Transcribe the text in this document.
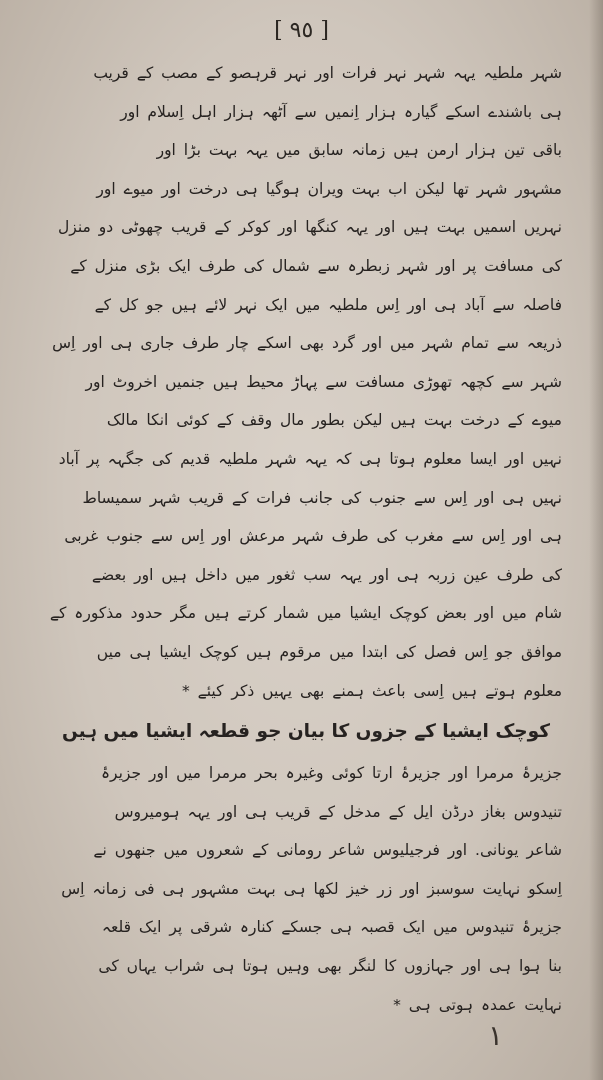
[ ۹٥ ]
شہر ملطیہ یہہ شہر نہر فرات اور نہر قرہصو کے مصب کے قریب
ہی باشندے اسکے گیارہ ہزار اِنمیں سے آٹھہ ہزار اہل اِسلام اور
باقی تین ہزار ارمن ہیں زمانہ سابق میں یہہ بہت بڑا اور
مشہور شہر تھا لیکن اب بہت ویران ہوگیا ہی درخت اور میوے اور
نہریں اسمیں بہت ہیں اور یہہ کنگھا اور کوکر کے قریب چھوٹی دو منزل
کی مسافت پر اور شہر زبطرہ سے شمال کی طرف ایک بڑی منزل کے
فاصلہ سے آباد ہی اور اِس ملطیہ میں ایک نہر لائے ہیں جو کل کے
ذریعہ سے تمام شہر میں اور گرد بھی اسکے چار طرف جاری ہی اور اِس
شہر سے کچھہ تھوڑی مسافت سے پہاڑ محیط ہیں جنمیں اخروٹ اور
میوے کے درخت بہت ہیں لیکن بطور مال وقف کے کوئی انکا مالک
نہیں اور ایسا معلوم ہوتا ہی کہ یہہ شہر ملطیہ قدیم کی جگہہ پر آباد
نہیں ہی اور اِس سے جنوب کی جانب فرات کے قریب شہر سمیساط
ہی اور اِس سے مغرب کی طرف شہر مرعش اور اِس سے جنوب غربی
کی طرف عین زربہ ہی اور یہہ سب ثغور میں داخل ہیں اور بعضے
شام میں اور بعض کوچک ایشیا میں شمار کرتے ہیں مگر حدود مذکورہ کے
موافق جو اِس فصل کی ابتدا میں مرقوم ہیں کوچک ایشیا ہی میں
معلوم ہوتے ہیں اِسی باعث ہمنے بھی یہیں ذکر کیئے *
کوچک ایشیا کے جزوں کا بیان جو قطعہ ایشیا میں ہیں
جزیرۂ مرمرا اور جزیرۂ ارتا کوئی وغیرہ بحر مرمرا میں اور جزیرۂ
تنیدوس بغاز درڈن ایل کے مدخل کے قریب ہی اور یہہ ہومیروس
شاعر یونانی. اور فرجیلیوس شاعر رومانی کے شعروں میں جنھوں نے
اِسکو نہایت سوسبز اور زر خیز لکھا ہی بہت مشہور ہی فی زمانہ اِس
جزیرۂ تنیدوس میں ایک قصبہ ہی جسکے کنارہ شرقی پر ایک قلعہ
بنا ہوا ہی اور جہازوں کا لنگر بھی وہیں ہوتا ہی شراب یہاں کی
نہایت عمدہ ہوتی ہی *
١
